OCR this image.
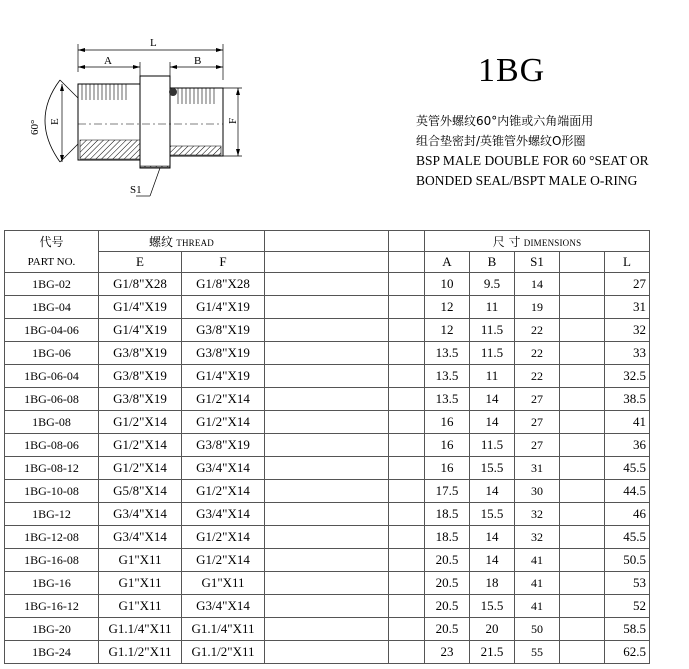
L
A	B
60° E	F
S1
1BG
英管外螺纹60°内锥或六角端面用
组合垫密封/英锥管外螺纹O形圈
BSP MALE DOUBLE FOR 60 °SEAT OR
BONDED SEAL/BSPT MALE O-RING
代号	螺纹 THREAD				尺 寸 DIMENSIONS				
PART NO.	E	F			A	B	S1		L
1BG-02	G1/8"X28	G1/8"X28			10	9.5	14		27
1BG-04	G1/4"X19	G1/4"X19			12	11	19		31
1BG-04-06	G1/4"X19	G3/8"X19			12	11.5	22		32
1BG-06	G3/8"X19	G3/8"X19			13.5	11.5	22		33
1BG-06-04	G3/8"X19	G1/4"X19			13.5	11	22		32.5
1BG-06-08	G3/8"X19	G1/2"X14			13.5	14	27		38.5
1BG-08	G1/2"X14	G1/2"X14			16	14	27		41
1BG-08-06	G1/2"X14	G3/8"X19			16	11.5	27		36
1BG-08-12	G1/2"X14	G3/4"X14			16	15.5	31		45.5
1BG-10-08	G5/8"X14	G1/2"X14			17.5	14	30		44.5
1BG-12	G3/4"X14	G3/4"X14			18.5	15.5	32		46
1BG-12-08	G3/4"X14	G1/2"X14			18.5	14	32		45.5
1BG-16-08	G1"X11	G1/2"X14			20.5	14	41		50.5
1BG-16	G1"X11	G1"X11			20.5	18	41		53
1BG-16-12	G1"X11	G3/4"X14			20.5	15.5	41		52
1BG-20	G1.1/4"X11	G1.1/4"X11			20.5	20	50		58.5
1BG-24	G1.1/2"X11	G1.1/2"X11			23	21.5	55		62.5
